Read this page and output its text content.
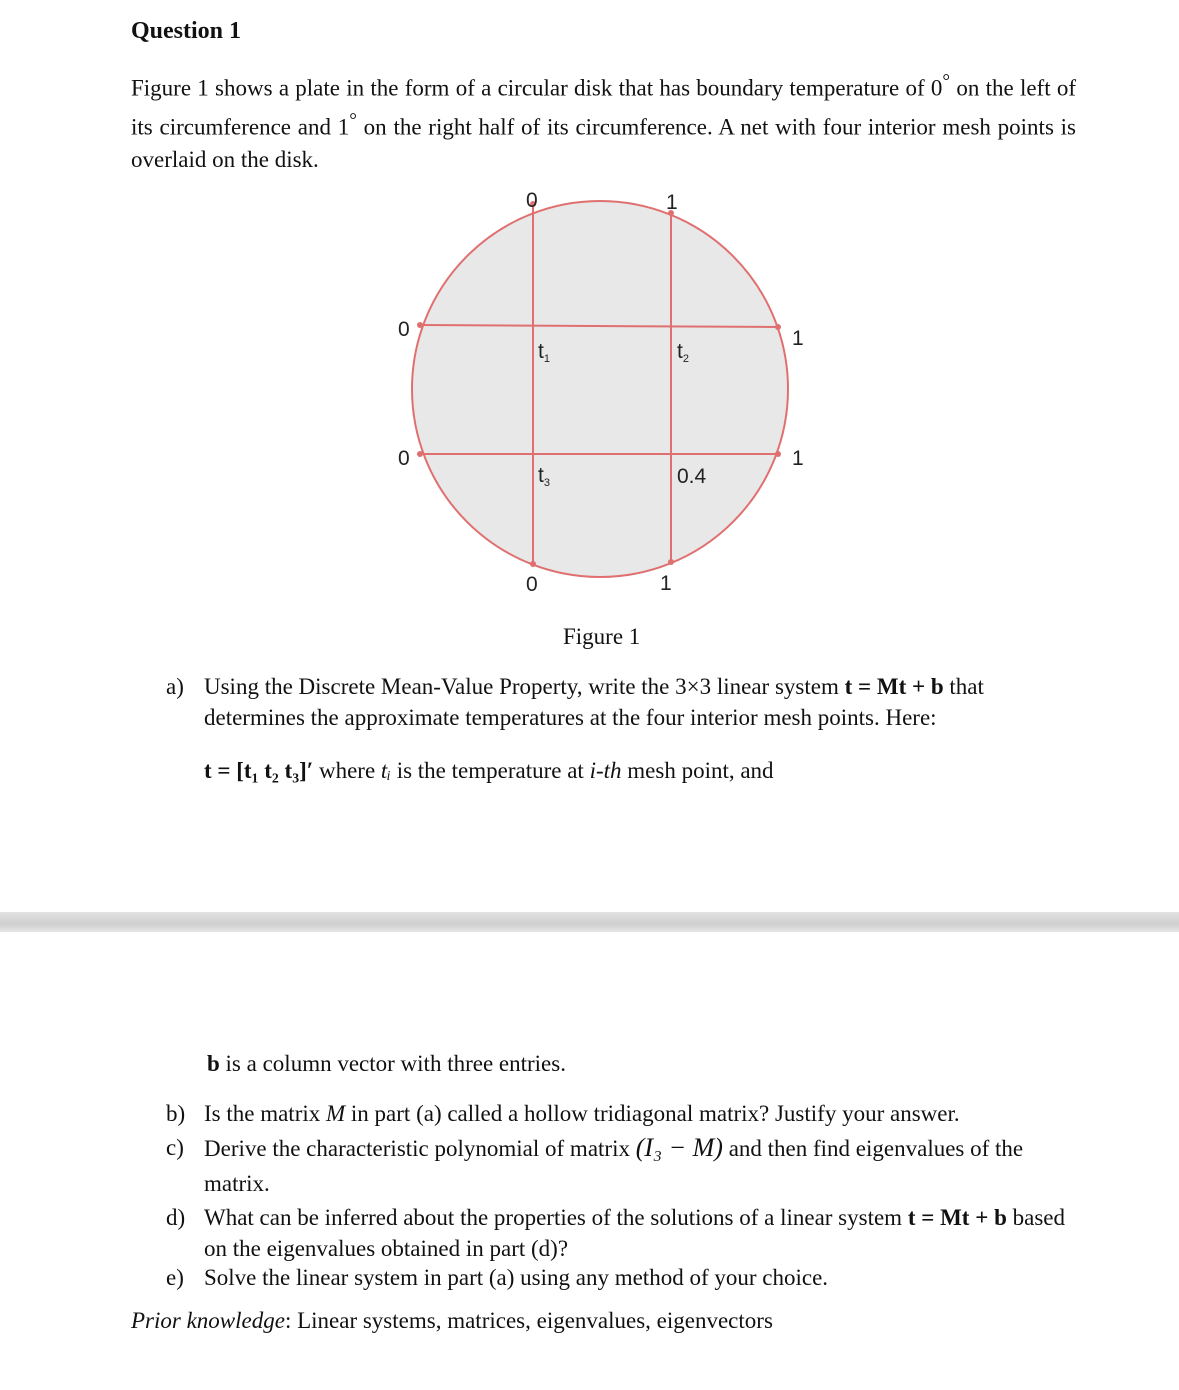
Question 1
Figure 1 shows a plate in the form of a circular disk that has boundary temperature of 0° on the left of its circumference and 1° on the right half of its circumference. A net with four interior mesh points is overlaid on the disk.
0	1
0	1
0
0
1
1
t1	t2
t3	0.4
Figure 1
a) Using the Discrete Mean-Value Property, write the 3×3 linear system t = Mt + b that determines the approximate temperatures at the four interior mesh points. Here:
t = [t₁ t₂ t₃]′ where tᵢ is the temperature at i-th mesh point, and
b is a column vector with three entries.
b) Is the matrix M in part (a) called a hollow tridiagonal matrix? Justify your answer.
c) Derive the characteristic polynomial of matrix (I₃ − M) and then find eigenvalues of the
matrix.
d) What can be inferred about the properties of the solutions of a linear system t = Mt + b based on the eigenvalues obtained in part (d)?
e) Solve the linear system in part (a) using any method of your choice.
Prior knowledge: Linear systems, matrices, eigenvalues, eigenvectors
